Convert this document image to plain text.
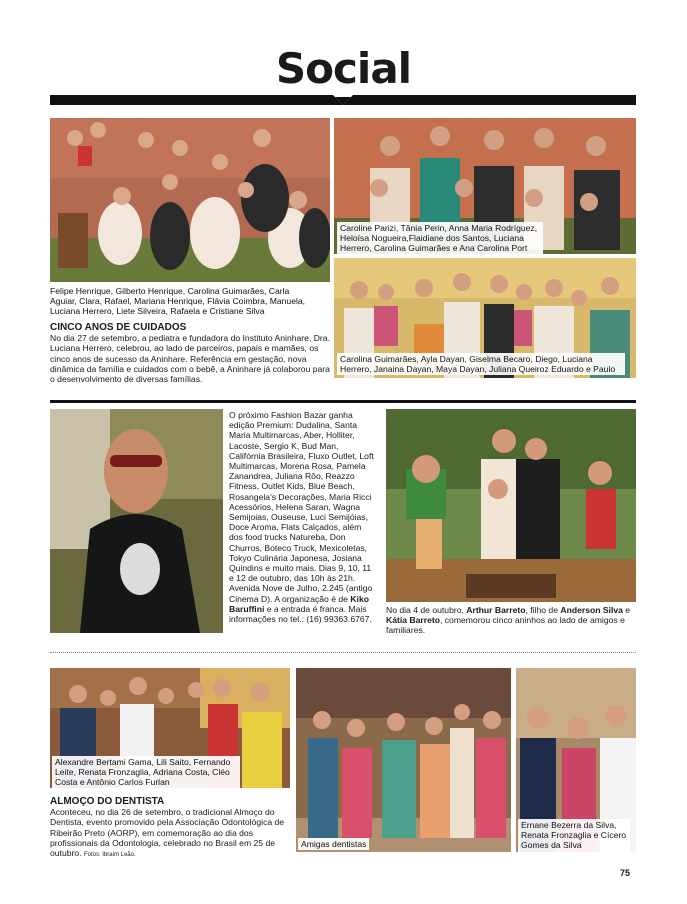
Social
Felipe Henrique, Gilberto Henrique, Carolina Guimarães, Carla Aguiar, Clara, Rafael, Mariana Henrique, Flávia Coimbra, Manuela, Luciana Herrero, Liete Silveira, Rafaela e Cristiane Silva
Caroline Parizi, Tânia Perin, Anna Maria Rodríguez, Heloísa Nogueira,Flaidiane dos Santos, Luciana Herrero, Carolina Guimarães e Ana Carolina Port
Carolina Guimarães, Ayla Dayan, Giselma Becaro, Diego, Luciana Herrero, Janaina Dayan, Maya Dayan, Juliana Queiroz Eduardo e Paulo
CINCO ANOS DE CUIDADOS
No dia 27 de setembro, a pediatra e fundadora do Instituto Aninhare, Dra. Luciana Herrero, celebrou, ao lado de parceiros, papais e mamães, os cinco anos de sucesso da Aninhare. Referência em gestação, nova dinâmica da família e cuidados com o bebê, a Aninhare já colaborou para o desenvolvimento de diversas famílias.
O próximo Fashion Bazar ganha edição Premium: Dudalina, Santa Maria Multimarcas, Aber, Holliter, Lacoste, Sergio K, Bud Man, Califórnia Brasileira, Fluxo Outlet, Loft Multimarcas, Morena Rosa, Pamela Zanandrea, Juliana Rôo, Reazzo Fitness, Outlet Kids, Blue Beach, Rosangela's Decorações, Maria Ricci Acessórios, Helena Saran, Wagna Semijoias, Ouseuse, Luci Semijóias, Doce Aroma, Flats Calçados, além dos food trucks Natureba, Don Churros, Boteco Truck, Mexicoletas, Tokyo Culinária Japonesa, Josiana Quindins e muito mais. Dias 9, 10, 11 e 12 de outubro, das 10h às 21h. Avenida Nove de Julho, 2.245 (antigo Cinema D). A organização é de Kiko Baruffini e a entrada é franca. Mais informações no tel.: (16) 99363.6767.
No dia 4 de outubro, Arthur Barreto, filho de Anderson Silva e Kátia Barreto, comemorou cinco aninhos ao lado de amigos e familiares.
Alexandre Bertami Gama, Lili Saito, Fernando Leite, Renata Fronzaglia, Adriana Costa, Cléo Costa e Antônio Carlos Furlan
Amigas dentistas
Ernane Bezerra da Silva, Renata Fronzaglia e Cícero Gomes da Silva
ALMOÇO DO DENTISTA
Aconteceu, no dia 26 de setembro, o tradicional Almoço do Dentista, evento promovido pela Associação Odontológica de Ribeirão Preto (AORP), em comemoração ao dia dos profissionais da Odontologia, celebrado no Brasil em 25 de outubro. Fotos: Ibraim Leão.
75
